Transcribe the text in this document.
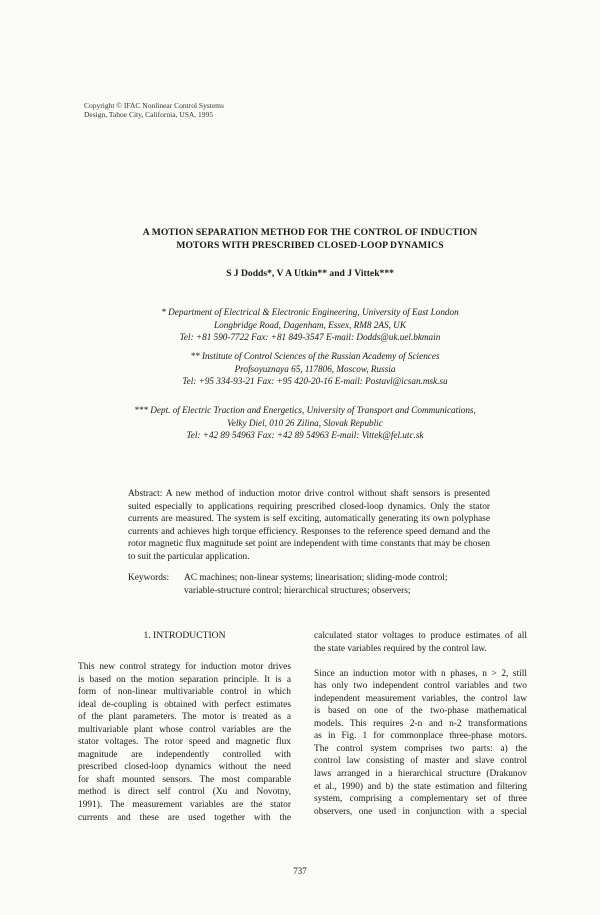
Copyright © IFAC Nonlinear Control Systems
Design, Tahoe City, California, USA, 1995
A MOTION SEPARATION METHOD FOR THE CONTROL OF INDUCTION
MOTORS WITH PRESCRIBED CLOSED-LOOP DYNAMICS
S J Dodds*, V A Utkin** and J Vittek***
* Department of Electrical & Electronic Engineering, University of East London
Longbridge Road, Dagenham, Essex, RM8 2AS, UK
Tel: +81 590-7722 Fax: +81 849-3547 E-mail: Dodds@uk.uel.bkmain
** Institute of Control Sciences of the Russian Academy of Sciences
Profsoyuznaya 65, 117806, Moscow, Russia
Tel: +95 334-93-21 Fax: +95 420-20-16 E-mail: Postavl@icsan.msk.su
*** Dept. of Electric Traction and Energetics, University of Transport and Communications,
Velky Diel, 010 26 Zilina, Slovak Republic
Tel: +42 89 54963 Fax: +42 89 54963 E-mail: Vittek@fel.utc.sk
Abstract: A new method of induction motor drive control without shaft sensors is presented suited especially to applications requiring prescribed closed-loop dynamics. Only the stator currents are measured. The system is self exciting, automatically generating its own polyphase currents and achieves high torque efficiency. Responses to the reference speed demand and the rotor magnetic flux magnitude set point are independent with time constants that may be chosen to suit the particular application.
Keywords: AC machines; non-linear systems; linearisation; sliding-mode control;
variable-structure control; hierarchical structures; observers;
1. INTRODUCTION
This new control strategy for induction motor drives
is based on the motion separation principle. It is a
form of non-linear multivariable control in which
ideal de-coupling is obtained with perfect estimates
of the plant parameters. The motor is treated as a
multivariable plant whose control variables are the
stator voltages. The rotor speed and magnetic flux
magnitude are independently controlled with
prescribed closed-loop dynamics without the need
for shaft mounted sensors. The most comparable
method is direct self control (Xu and Novotny,
1991). The measurement variables are the stator
currents and these are used together with the
calculated stator voltages to produce estimates of all
the state variables required by the control law.
Since an induction motor with n phases, n > 2, still
has only two independent control variables and two
independent measurement variables, the control law
is based on one of the two-phase mathematical
models. This requires 2-n and n-2 transformations
as in Fig. 1 for commonplace three-phase motors.
The control system comprises two parts: a) the
control law consisting of master and slave control
laws arranged in a hierarchical structure (Drakunov
et al., 1990) and b) the state estimation and filtering
system, comprising a complementary set of three
observers, one used in conjunction with a special
737
